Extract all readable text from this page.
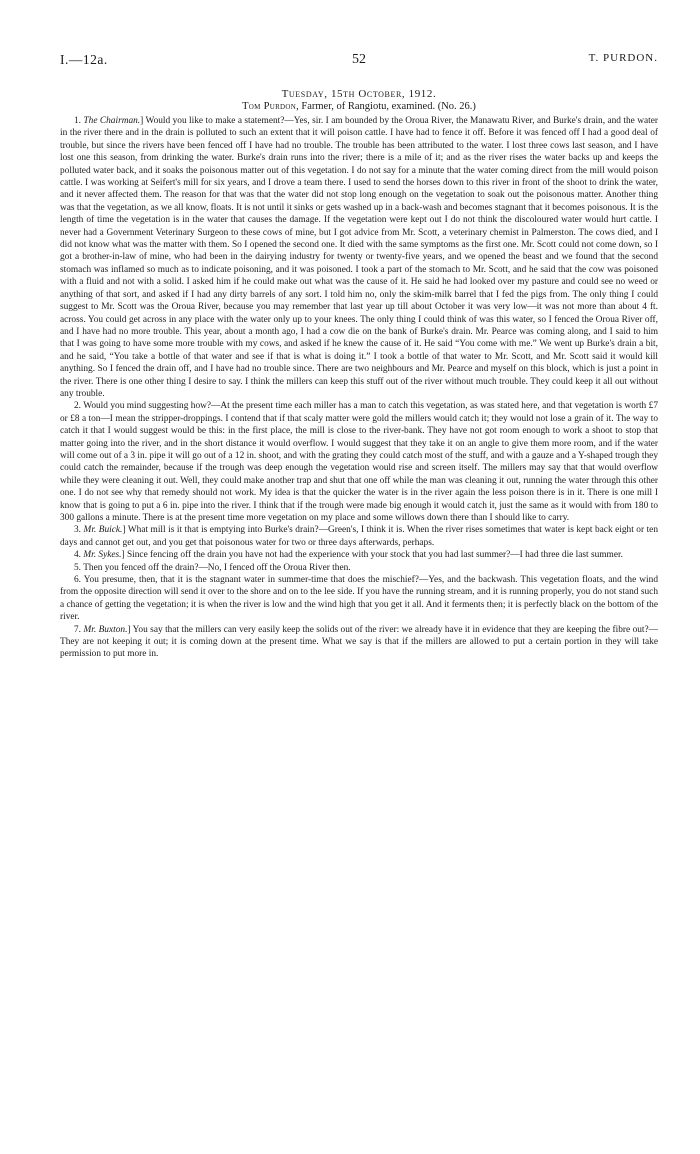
I.—12a.	52	T. PURDON.
Tuesday, 15th October, 1912.
Tom Purdon, Farmer, of Rangiotu, examined. (No. 26.)

1. The Chairman.] Would you like to make a statement?—Yes, sir. I am bounded by the Oroua River, the Manawatu River, and Burke's drain, and the water in the river there and in the drain is polluted to such an extent that it will poison cattle. I have had to fence it off. Before it was fenced off I had a good deal of trouble, but since the rivers have been fenced off I have had no trouble. The trouble has been attributed to the water. I lost three cows last season, and I have lost one this season, from drinking the water. Burke's drain runs into the river; there is a mile of it; and as the river rises the water backs up and keeps the polluted water back, and it soaks the poisonous matter out of this vegetation. I do not say for a minute that the water coming direct from the mill would poison cattle. I was working at Seifert's mill for six years, and I drove a team there. I used to send the horses down to this river in front of the shoot to drink the water, and it never affected them. The reason for that was that the water did not stop long enough on the vegetation to soak out the poisonous matter. Another thing was that the vegetation, as we all know, floats. It is not until it sinks or gets washed up in a back-wash and becomes stagnant that it becomes poisonous. It is the length of time the vegetation is in the water that causes the damage. If the vegetation were kept out I do not think the discoloured water would hurt cattle. I never had a Government Veterinary Surgeon to these cows of mine, but I got advice from Mr. Scott, a veterinary chemist in Palmerston. The cows died, and I did not know what was the matter with them. So I opened the second one. It died with the same symptoms as the first one. Mr. Scott could not come down, so I got a brother-in-law of mine, who had been in the dairying industry for twenty or twenty-five years, and we opened the beast and we found that the second stomach was inflamed so much as to indicate poisoning, and it was poisoned. I took a part of the stomach to Mr. Scott, and he said that the cow was poisoned with a fluid and not with a solid. I asked him if he could make out what was the cause of it. He said he had looked over my pasture and could see no weed or anything of that sort, and asked if I had any dirty barrels of any sort. I told him no, only the skim-milk barrel that I fed the pigs from. The only thing I could suggest to Mr. Scott was the Oroua River, because you may remember that last year up till about October it was very low—it was not more than about 4 ft. across. You could get across in any place with the water only up to your knees. The only thing I could think of was this water, so I fenced the Oroua River off, and I have had no more trouble. This year, about a month ago, I had a cow die on the bank of Burke's drain. Mr. Pearce was coming along, and I said to him that I was going to have some more trouble with my cows, and asked if he knew the cause of it. He said “You come with me.” We went up Burke's drain a bit, and he said, “You take a bottle of that water and see if that is what is doing it.” I took a bottle of that water to Mr. Scott, and Mr. Scott said it would kill anything. So I fenced the drain off, and I have had no trouble since. There are two neighbours and Mr. Pearce and myself on this block, which is just a point in the river. There is one other thing I desire to say. I think the millers can keep this stuff out of the river without much trouble. They could keep it all out without any trouble.

2. Would you mind suggesting how?—At the present time each miller has a man to catch this vegetation, as was stated here, and that vegetation is worth £7 or £8 a ton—I mean the stripper-droppings. I contend that if that scaly matter were gold the millers would catch it; they would not lose a grain of it. The way to catch it that I would suggest would be this: in the first place, the mill is close to the river-bank. They have not got room enough to work a shoot to stop that matter going into the river, and in the short distance it would overflow. I would suggest that they take it on an angle to give them more room, and if the water will come out of a 3 in. pipe it will go out of a 12 in. shoot, and with the grating they could catch most of the stuff, and with a gauze and a Y-shaped trough they could catch the remainder, because if the trough was deep enough the vegetation would rise and screen itself. The millers may say that that would overflow while they were cleaning it out. Well, they could make another trap and shut that one off while the man was cleaning it out, running the water through this other one. I do not see why that remedy should not work. My idea is that the quicker the water is in the river again the less poison there is in it. There is one mill I know that is going to put a 6 in. pipe into the river. I think that if the trough were made big enough it would catch it, just the same as it would with from 180 to 300 gallons a minute. There is at the present time more vegetation on my place and some willows down there than I should like to carry.

3. Mr. Buick.] What mill is it that is emptying into Burke's drain?—Green's, I think it is. When the river rises sometimes that water is kept back eight or ten days and cannot get out, and you get that poisonous water for two or three days afterwards, perhaps.

4. Mr. Sykes.] Since fencing off the drain you have not had the experience with your stock that you had last summer?—I had three die last summer.

5. Then you fenced off the drain?—No, I fenced off the Oroua River then.

6. You presume, then, that it is the stagnant water in summer-time that does the mischief?—Yes, and the backwash. This vegetation floats, and the wind from the opposite direction will send it over to the shore and on to the lee side. If you have the running stream, and it is running properly, you do not stand such a chance of getting the vegetation; it is when the river is low and the wind high that you get it all. And it ferments then; it is perfectly black on the bottom of the river.

7. Mr. Buxton.] You say that the millers can very easily keep the solids out of the river: we already have it in evidence that they are keeping the fibre out?—They are not keeping it out; it is coming down at the present time. What we say is that if the millers are allowed to put a certain portion in they will take permission to put more in.
